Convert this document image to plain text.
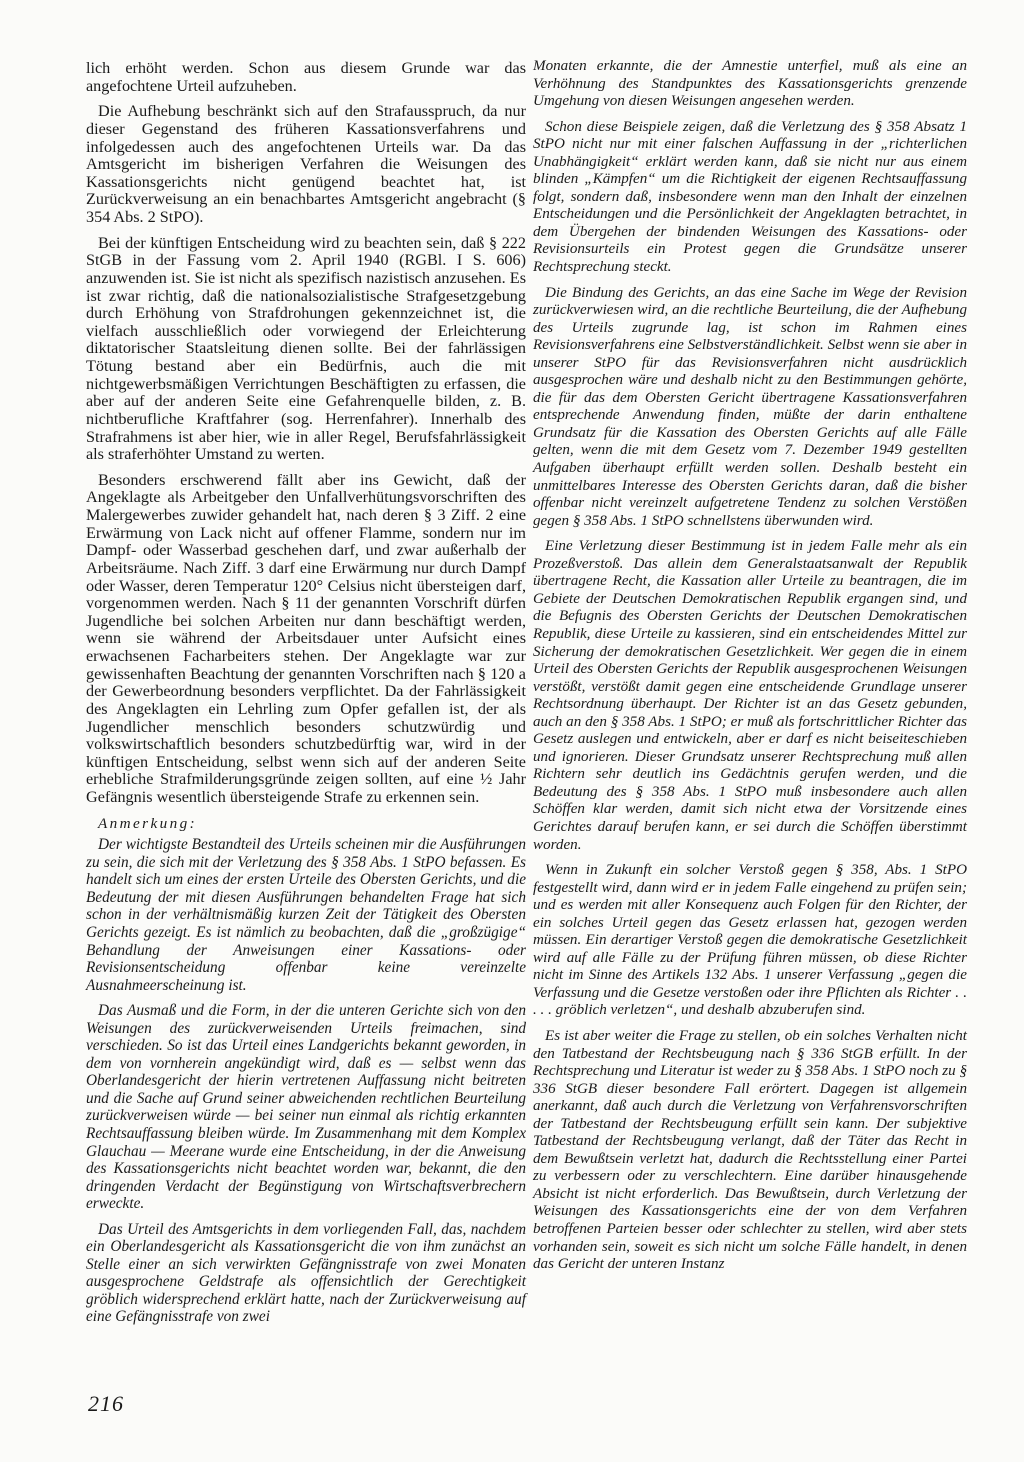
lich erhöht werden. Schon aus diesem Grunde war das angefochtene Urteil aufzuheben.

Die Aufhebung beschränkt sich auf den Strafausspruch, da nur dieser Gegenstand des früheren Kassationsverfahrens und infolgedessen auch des angefochtenen Urteils war. Da das Amtsgericht im bisherigen Verfahren die Weisungen des Kassationsgerichts nicht genügend beachtet hat, ist Zurückverweisung an ein benachbartes Amtsgericht angebracht (§ 354 Abs. 2 StPO).

Bei der künftigen Entscheidung wird zu beachten sein, daß § 222 StGB in der Fassung vom 2. April 1940 (RGBl. I S. 606) anzuwenden ist. Sie ist nicht als spezifisch nazistisch anzusehen. Es ist zwar richtig, daß die nationalsozialistische Strafgesetzgebung durch Erhöhung von Strafdrohungen gekennzeichnet ist, die vielfach ausschließlich oder vorwiegend der Erleichterung diktatorischer Staatsleitung dienen sollte. Bei der fahrlässigen Tötung bestand aber ein Bedürfnis, auch die mit nichtgewerbsmäßigen Verrichtungen Beschäftigten zu erfassen, die aber auf der anderen Seite eine Gefahrenquelle bilden, z. B. nichtberufliche Kraftfahrer (sog. Herrenfahrer). Innerhalb des Strafrahmens ist aber hier, wie in aller Regel, Berufsfahrlässigkeit als straferhöhter Umstand zu werten.

Besonders erschwerend fällt aber ins Gewicht, daß der Angeklagte als Arbeitgeber den Unfallverhütungsvorschriften des Malergewerbes zuwider gehandelt hat, nach deren § 3 Ziff. 2 eine Erwärmung von Lack nicht auf offener Flamme, sondern nur im Dampf- oder Wasserbad geschehen darf, und zwar außerhalb der Arbeitsräume. Nach Ziff. 3 darf eine Erwärmung nur durch Dampf oder Wasser, deren Temperatur 120° Celsius nicht übersteigen darf, vorgenommen werden. Nach § 11 der genannten Vorschrift dürfen Jugendliche bei solchen Arbeiten nur dann beschäftigt werden, wenn sie während der Arbeitsdauer unter Aufsicht eines erwachsenen Facharbeiters stehen. Der Angeklagte war zur gewissenhaften Beachtung der genannten Vorschriften nach § 120 a der Gewerbeordnung besonders verpflichtet. Da der Fahrlässigkeit des Angeklagten ein Lehrling zum Opfer gefallen ist, der als Jugendlicher menschlich besonders schutzwürdig und volkswirtschaftlich besonders schutzbedürftig war, wird in der künftigen Entscheidung, selbst wenn sich auf der anderen Seite erhebliche Strafmilderungsgründe zeigen sollten, auf eine ½ Jahr Gefängnis wesentlich übersteigende Strafe zu erkennen sein.

Anmerkung:

Der wichtigste Bestandteil des Urteils scheinen mir die Ausführungen zu sein, die sich mit der Verletzung des § 358 Abs. 1 StPO befassen. Es handelt sich um eines der ersten Urteile des Obersten Gerichts, und die Bedeutung der mit diesen Ausführungen behandelten Frage hat sich schon in der verhältnismäßig kurzen Zeit der Tätigkeit des Obersten Gerichts gezeigt. Es ist nämlich zu beobachten, daß die „großzügige“ Behandlung der Anweisungen einer Kassations- oder Revisionsentscheidung offenbar keine vereinzelte Ausnahmeerscheinung ist.

Das Ausmaß und die Form, in der die unteren Gerichte sich von den Weisungen des zurückverweisenden Urteils freimachen, sind verschieden. So ist das Urteil eines Landgerichts bekannt geworden, in dem von vornherein angekündigt wird, daß es — selbst wenn das Oberlandesgericht der hierin vertretenen Auffassung nicht beitreten und die Sache auf Grund seiner abweichenden rechtlichen Beurteilung zurückverweisen würde — bei seiner nun einmal als richtig erkannten Rechtsauffassung bleiben würde. Im Zusammenhang mit dem Komplex Glauchau — Meerane wurde eine Entscheidung, in der die Anweisung des Kassationsgerichts nicht beachtet worden war, bekannt, die den dringenden Verdacht der Begünstigung von Wirtschaftsverbrechern erweckte.

Das Urteil des Amtsgerichts in dem vorliegenden Fall, das, nachdem ein Oberlandesgericht als Kassationsgericht die von ihm zunächst an Stelle einer an sich verwirkten Gefängnisstrafe von zwei Monaten ausgesprochene Geldstrafe als offensichtlich der Gerechtigkeit gröblich widersprechend erklärt hatte, nach der Zurückverweisung auf eine Gefängnisstrafe von zwei

Monaten erkannte, die der Amnestie unterfiel, muß als eine an Verhöhnung des Standpunktes des Kassationsgerichts grenzende Umgehung von diesen Weisungen angesehen werden.

Schon diese Beispiele zeigen, daß die Verletzung des § 358 Absatz 1 StPO nicht nur mit einer falschen Auffassung in der „richterlichen Unabhängigkeit“ erklärt werden kann, daß sie nicht nur aus einem blinden „Kämpfen“ um die Richtigkeit der eigenen Rechtsauffassung folgt, sondern daß, insbesondere wenn man den Inhalt der einzelnen Entscheidungen und die Persönlichkeit der Angeklagten betrachtet, in dem Übergehen der bindenden Weisungen des Kassations- oder Revisionsurteils ein Protest gegen die Grundsätze unserer Rechtsprechung steckt.

Die Bindung des Gerichts, an das eine Sache im Wege der Revision zurückverwiesen wird, an die rechtliche Beurteilung, die der Aufhebung des Urteils zugrunde lag, ist schon im Rahmen eines Revisionsverfahrens eine Selbstverständlichkeit. Selbst wenn sie aber in unserer StPO für das Revisionsverfahren nicht ausdrücklich ausgesprochen wäre und deshalb nicht zu den Bestimmungen gehörte, die für das dem Obersten Gericht übertragene Kassationsverfahren entsprechende Anwendung finden, müßte der darin enthaltene Grundsatz für die Kassation des Obersten Gerichts auf alle Fälle gelten, wenn die mit dem Gesetz vom 7. Dezember 1949 gestellten Aufgaben überhaupt erfüllt werden sollen. Deshalb besteht ein unmittelbares Interesse des Obersten Gerichts daran, daß die bisher offenbar nicht vereinzelt aufgetretene Tendenz zu solchen Verstößen gegen § 358 Abs. 1 StPO schnellstens überwunden wird.

Eine Verletzung dieser Bestimmung ist in jedem Falle mehr als ein Prozeßverstoß. Das allein dem Generalstaatsanwalt der Republik übertragene Recht, die Kassation aller Urteile zu beantragen, die im Gebiete der Deutschen Demokratischen Republik ergangen sind, und die Befugnis des Obersten Gerichts der Deutschen Demokratischen Republik, diese Urteile zu kassieren, sind ein entscheidendes Mittel zur Sicherung der demokratischen Gesetzlichkeit. Wer gegen die in einem Urteil des Obersten Gerichts der Republik ausgesprochenen Weisungen verstößt, verstößt damit gegen eine entscheidende Grundlage unserer Rechtsordnung überhaupt. Der Richter ist an das Gesetz gebunden, auch an den § 358 Abs. 1 StPO; er muß als fortschrittlicher Richter das Gesetz auslegen und entwickeln, aber er darf es nicht beiseiteschieben und ignorieren. Dieser Grundsatz unserer Rechtsprechung muß allen Richtern sehr deutlich ins Gedächtnis gerufen werden, und die Bedeutung des § 358 Abs. 1 StPO muß insbesondere auch allen Schöffen klar werden, damit sich nicht etwa der Vorsitzende eines Gerichtes darauf berufen kann, er sei durch die Schöffen überstimmt worden.

Wenn in Zukunft ein solcher Verstoß gegen § 358, Abs. 1 StPO festgestellt wird, dann wird er in jedem Falle eingehend zu prüfen sein; und es werden mit aller Konsequenz auch Folgen für den Richter, der ein solches Urteil gegen das Gesetz erlassen hat, gezogen werden müssen. Ein derartiger Verstoß gegen die demokratische Gesetzlichkeit wird auf alle Fälle zu der Prüfung führen müssen, ob diese Richter nicht im Sinne des Artikels 132 Abs. 1 unserer Verfassung „gegen die Verfassung und die Gesetze verstoßen oder ihre Pflichten als Richter . . . . . gröblich verletzen“, und deshalb abzuberufen sind.

Es ist aber weiter die Frage zu stellen, ob ein solches Verhalten nicht den Tatbestand der Rechtsbeugung nach § 336 StGB erfüllt. In der Rechtsprechung und Literatur ist weder zu § 358 Abs. 1 StPO noch zu § 336 StGB dieser besondere Fall erörtert. Dagegen ist allgemein anerkannt, daß auch durch die Verletzung von Verfahrensvorschriften der Tatbestand der Rechtsbeugung erfüllt sein kann. Der subjektive Tatbestand der Rechtsbeugung verlangt, daß der Täter das Recht in dem Bewußtsein verletzt hat, dadurch die Rechtsstellung einer Partei zu verbessern oder zu verschlechtern. Eine darüber hinausgehende Absicht ist nicht erforderlich. Das Bewußtsein, durch Verletzung der Weisungen des Kassationsgerichts eine der von dem Verfahren betroffenen Parteien besser oder schlechter zu stellen, wird aber stets vorhanden sein, soweit es sich nicht um solche Fälle handelt, in denen das Gericht der unteren Instanz

216
